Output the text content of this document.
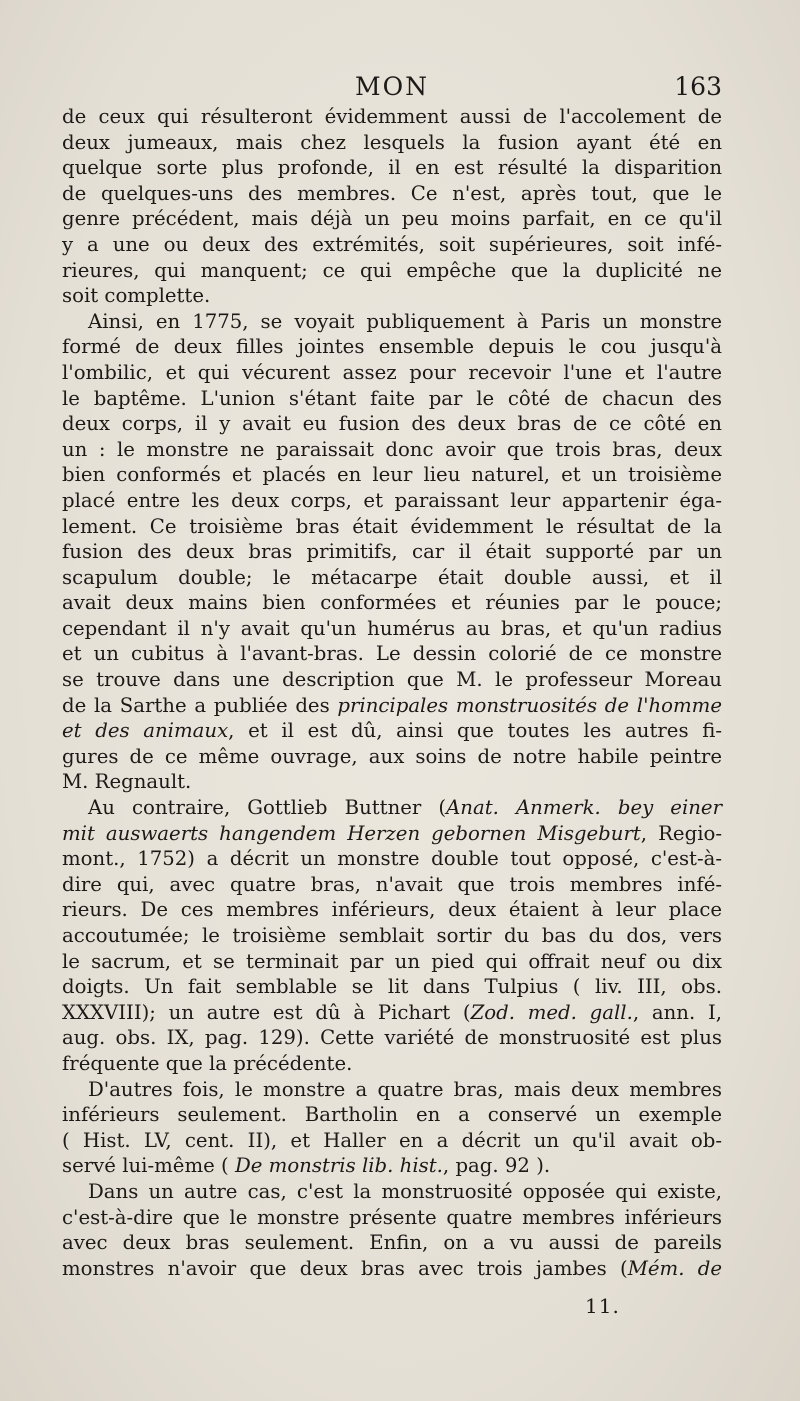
MON	163
de ceux qui résulteront évidemment aussi de l'accolement de
deux jumeaux, mais chez lesquels la fusion ayant été en
quelque sorte plus profonde, il en est résulté la disparition
de quelques-uns des membres. Ce n'est, après tout, que le
genre précédent, mais déjà un peu moins parfait, en ce qu'il
y a une ou deux des extrémités, soit supérieures, soit infé-
rieures, qui manquent; ce qui empêche que la duplicité ne
soit complette.
Ainsi, en 1775, se voyait publiquement à Paris un monstre
formé de deux filles jointes ensemble depuis le cou jusqu'à
l'ombilic, et qui vécurent assez pour recevoir l'une et l'autre
le baptême. L'union s'étant faite par le côté de chacun des
deux corps, il y avait eu fusion des deux bras de ce côté en
un : le monstre ne paraissait donc avoir que trois bras, deux
bien conformés et placés en leur lieu naturel, et un troisième
placé entre les deux corps, et paraissant leur appartenir éga-
lement. Ce troisième bras était évidemment le résultat de la
fusion des deux bras primitifs, car il était supporté par un
scapulum double; le métacarpe était double aussi, et il
avait deux mains bien conformées et réunies par le pouce;
cependant il n'y avait qu'un humérus au bras, et qu'un radius
et un cubitus à l'avant-bras. Le dessin colorié de ce monstre
se trouve dans une description que M. le professeur Moreau
de la Sarthe a publiée des principales monstruosités de l'homme
et des animaux, et il est dû, ainsi que toutes les autres fi-
gures de ce même ouvrage, aux soins de notre habile peintre
M. Regnault.
Au contraire, Gottlieb Buttner (Anat. Anmerk. bey einer
mit auswaerts hangendem Herzen gebornen Misgeburt, Regio-
mont., 1752) a décrit un monstre double tout opposé, c'est-à-
dire qui, avec quatre bras, n'avait que trois membres infé-
rieurs. De ces membres inférieurs, deux étaient à leur place
accoutumée; le troisième semblait sortir du bas du dos, vers
le sacrum, et se terminait par un pied qui offrait neuf ou dix
doigts. Un fait semblable se lit dans Tulpius ( liv. III, obs.
XXXVIII); un autre est dû à Pichart (Zod. med. gall., ann. I,
aug. obs. IX, pag. 129). Cette variété de monstruosité est plus
fréquente que la précédente.
D'autres fois, le monstre a quatre bras, mais deux membres
inférieurs seulement. Bartholin en a conservé un exemple
( Hist. LV, cent. II), et Haller en a décrit un qu'il avait ob-
servé lui-même ( De monstris lib. hist., pag. 92 ).
Dans un autre cas, c'est la monstruosité opposée qui existe,
c'est-à-dire que le monstre présente quatre membres inférieurs
avec deux bras seulement. Enfin, on a vu aussi de pareils
monstres n'avoir que deux bras avec trois jambes (Mém. de
11.
